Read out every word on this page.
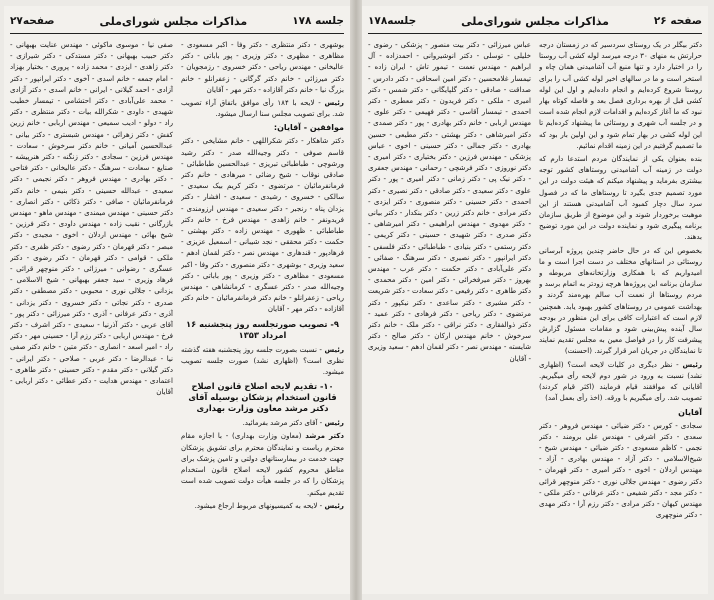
جلسه ۱۷۸
مذاکرات مجلس شورای‌ملی
صفحه۲۷

بوشهری - دکتر منتظری - دکتر وفا - اکبر مسعودی - مظاهری - مظهری - دکتر وزیری - پور باباتی - دکتر عالیخانی - مهندس ریاحی - دکتر خسروی - رزمجویان - دکتر میرزائی - خانم دکتر گرگانی - زعفرانلو - خانم بزرگ نیا - خانم دکتر آقازاده - دکتر مهر - آقایان

رئیس - لایحه با ۱۸۴ رأی موافق باتفاق آراء تصویب شد. برای تصویب مجلس سنا ارسال میشود.

موافقین - آقایان:

دکتر شاهکار - دکتر شکراللهی - خانم مشایخی - دکتر قاسم صوفی - دکتر وجیه‌الله صدر - دکتر رشید ورشوچی - طباطبائی تبریزی - عبدالحسین طباطبائی - صادقی نوقاب - شیخ رضائی - میرهادی - خانم دکتر فرمانفرمائیان - مرتضوی - دکتر کریم بیک سعیدی - سالکی - خسروی - رشیدی - سعیدی - افشار - دکتر یزدان پناه - رنجبر - دکتر سعیدی - مهندس ارزومندی - فریدونفر - خانم زاهدی - مهندس فرخ - خانم دکتر طباطبائی - ظهوری - مهندس زاده - دکتر بهشتی - حکمت - دکتر محققی - نجد شیبانی - اسمعیل عزیزی - فرهادپور - قندهاری - مهندس نصر - دکتر لقمان ادهم - سعید وزیری - بوشهری - دکتر منصوری - دکتر وفا - اکبر مسعودی - مظاهری - دکتر وزیری - پور باباتی - دکتر وجیه‌الله صدر - دکتر عسگری - کرمانشاهی - مهندس ریاحی - زعفرانلو - خانم دکتر فرمانفرمائیان - خانم دکتر آقازاده - دکتر مهر - آقایان

۹- تصویب صورتجلسه روز پنجشنبه ۱۶ امرداد ۱۳۵۳

رئیس - نسبت بصورت جلسه روز پنجشنبه هفته گذشته نظری است؟ (اظهاری نشد) صورت جلسه تصویب میشود.

۱۰- تقدیم لایحه اصلاح قانون اصلاح قانون استخدام پزشکان بوسیله آقای دکتر مرشد معاون وزارت بهداری

رئیس - آقای دکتر مرشد بفرمائید.

دکتر مرشد (معاون وزارت بهداری) - با اجازه مقام محترم ریاست و نمایندگان محترم برای تشویق پزشکان جهت خدمت در بیمارستانهای دولتی و تامین پزشک برای مناطق محروم کشور لایحه اصلاح قانون استخدام پزشکان را که در جلسه هیأت دولت تصویب شده است تقدیم میکنم.

رئیس - لایحه به کمیسیونهای مربوط ارجاع میشود.

صفی نیا - موسوی ماکوئی - مهندس عنایت بهبهانی - دکتر حبیب بهبهانی - دکتر مستدکی - دکتر شیرازی - دکتر زاهدی - ایزدی - محمد زاده - پروری - بختیار بهزاد - امام جمعه - خانم اسدی - آخوی - دکتر ایرانپور - دکتر آزادی - احمد گیلانی - ایرانی - خانم اسدی - دکتر آزادی - محمد علی‌آبادی - دکتر احتشامی - تیمسار خطیب شهیدی - داودی - شکرالله بیات - دکتر منتظری - دکتر راد - دولو - ادیب سمیعی - مهندس اربابی - خانم زرین کفش - دکتر زهرائی - مهندس شبستری - دکتر بیانی - عبدالحسین آمیانی - خانم دکتر سرخوش - سعادت - مهندس فرزین - سجادی - دکتر زنگنه - دکتر هنرپیشه - صنایع - سعادت - سرهنگ - دکتر عالیخانی - دکتر فتاحی - دکتر بهادری - مهندس فروهر - دکتر نجیمی - دکتر سعیدی - عبدالله حسینی - دکتر بنیمی - خانم دکتر فرمانفرمائیان - صافی - دکتر ذکائی - دکتر انصاری - دکتر حسینی - مهندس میمندی - مهندس ماهو - مهندس بازرگانی - نقیب زاده - مهندس داودی - دکتر فرزین - شیخ بهائی - مهندس اردلان - اخوی - مجیدی - دکتر مبصر - دکتر قهرمان - دکتر رضوی - دکتر ظفری - دکتر ملکی - قوامی - دکتر قهرمان - دکتر رضوی - دکتر عسگری - رضوانی - میرزائی - دکتر منوچهر قرائی - فرهاد وزیری - سید جعفر بهبهانی - شیخ الاسلامی - یزدانی - جلالی نوری - محبوبی - دکتر مصطفی - دکتر صدری - دکتر نجاتی - دکتر خسروی - دکتر یزدانی - آذری - دکتر عرفانی - آذری - دکتر میرزائی - دکتر پور - آقای عربی - دکتر آذرنیا - سعیدی - دکتر اشرف - دکتر فرخ - مهندس اربابی - دکتر رزم آرا - حسینی مهر - دکتر راد - امیر اسعد - انصاری - دکتر متین - خانم دکتر صفی نیا - عبدالرضا - دکتر عربی - صلاحی - دکتر ایرانی - دکتر گیلانی - دکتر مقدم - دکتر حسینی - دکتر طاهری - اعتمادی - مهندس هدایت - دکتر عطائی - دکتر اربابی - آقایان

صفحه ۲۶
مذاکرات مجلس شورای‌ملی
جلسه۱۷۸

دکتر بیگلر در یک روستای سردسیر که در زمستان درجه حرارتش به منهای ۳۰ درجه میرسد لوله کشی آب روستا را در اختیار دارد و تنها منبع آب آشامیدنی همان چاه و استخر است و ما در سالهای اخیر لوله کشی آب را برای روستا شروع کرده‌ایم و انجام داده‌ایم و اول این لوله کشی قبل از بهره برداری فصل بعد و فاصله کوتاه بهار نبود که ما آغاز کرده‌ایم و اقدامات لازم انجام شده است و در جلسه آب شهری و روستائی ما پیشنهاد کرده‌ایم تا این لوله کشی در بهار تمام شود و این اولین بار بود که ما تصمیم گرفتیم در این زمینه اقدام نمائیم.

بنده بعنوان یکی از نمایندگان مردم استدعا دارم که دولت در زمینه آب آشامیدنی روستاهای کشور توجه بیشتری بفرماید و پیشنهاد میکنم که هیئت دولت در این مورد تصمیم جدی بگیرد تا روستاهای ما که در فصول سرد سال دچار کمبود آب آشامیدنی هستند از این موهبت برخوردار شوند و این موضوع از طریق سازمان برنامه پیگیری شود و نماینده دولت در این مورد توضیح بدهند.

بخصوص این که در حال حاضر چندین پروژه آبرسانی روستائی در استانهای مختلف در دست اجرا است و ما امیدواریم که با همکاری وزارتخانه‌های مربوطه و سازمان برنامه این پروژه‌ها هرچه زودتر به اتمام برسد و مردم روستاها از نعمت آب سالم بهره‌مند گردند و بهداشت عمومی در روستاهای کشور بهبود یابد. همچنین لازم است که اعتبارات کافی برای این منظور در بودجه سال آینده پیش‌بینی شود و مقامات مسئول گزارش پیشرفت کار را در فواصل معین به مجلس تقدیم نمایند تا نمایندگان در جریان امر قرار گیرند. (احسنت)

رئیس - نظر دیگری در کلیات لایحه است؟ (اظهاری نشد) نسبت به ورود در شور دوم لایحه رأی میگیریم. آقایانی که موافقند قیام فرمایند (اکثر قیام کردند) تصویب شد. رأی میگیریم با ورقه. (اخذ رأی بعمل آمد)

آقایان

سجادی - کورس - دکتر ضیائی - مهندس فروهر - دکتر سعدی - دکتر اشرفی - مهندس علی برومند - دکتر نجمی - کاظم مسعودی - دکتر ضیائی - مهندس شیخ - شیخ‌الاسلامی - دکتر آزاد - مهندس بهادری - آزاد - مهندس اردلان - اخوی - دکتر امیری - دکتر قهرمان - دکتر رضوی - مهندس جلالی نوری - دکتر منوچهر قرائی - دکتر مجد - دکتر شفیعی - دکتر عرفانی - دکتر ملکی - مهندس کیهان - دکتر مرادی - دکتر رزم آرا - دکتر مهدی - دکتر منوچهری

عباس میرزائی - دکتر بیت منصور - پزشکی - رضوی - خلیلی - توسلی - دکتر انوشیروانی - احمدزاده - آل ابراهیم - مهندس نعمت - تیمور تاش - ایران زاده - تیمسار غلامحسین - دکتر امین اسحاقی - دکتر دادرس - صداقت - صادقی - دکتر گلپایگانی - دکتر شمس - دکتر امیری - ملکی - دکتر فریدون - دکتر معطری - دکتر احمدی - تیمسار آقاسی - دکتر فهیمی - دکتر علوی - مهندس اربابی - خانم دکتر بهادری - پور - دکتر صمدی - دکتر امیرشاهی - دکتر بهشتی - دکتر مطیعی - حسین بهادری - دکتر جمالی - دکتر حسینی - اخوی - عباس پزشکی - مهندس فرزین - دکتر بختیاری - دکتر امیری - دکتر نوروزی - دکتر فرشچی - رحمانی - مهندس جعفری - دکتر نیک پی - دکتر زمانی - دکتر امیری - پور - دکتر علوی - دکتر سعیدی - دکتر صادقی - دکتر نصیری - دکتر احمدی - دکتر حسینی - دکتر منصوری - دکتر ایزدی - دکتر مرادی - خانم دکتر زرین - دکتر بنکدار - دکتر بیانی - دکتر مهدوی - مهندس ابراهیمی - دکتر امیرشاهی - دکتر صدری - دکتر شهیدی - حسینی - دکتر کریمی - دکتر رستمی - دکتر بنیادی - طباطبائی - دکتر فلسفی - دکتر ایرانپور - دکتر نصیری - دکتر سرهنگ - صفائی - دکتر علی‌آبادی - دکتر حکمت - دکتر عرب - مهندس بهروز - دکتر میرفخرائی - دکتر امین - دکتر محمدی - دکتر طاهری - دکتر رفیعی - دکتر سعادت - دکتر شریعت - دکتر مشیری - دکتر ساعدی - دکتر نیکپور - دکتر مرتضوی - دکتر ریاحی - دکتر فرهادی - دکتر عمید - دکتر ذوالفقاری - دکتر نراقی - دکتر ملک - خانم دکتر سرخوش - خانم مهندس ارکان - دکتر صالح - دکتر شایسته - مهندس نصر - دکتر لقمان ادهم - سعید وزیری - آقایان
